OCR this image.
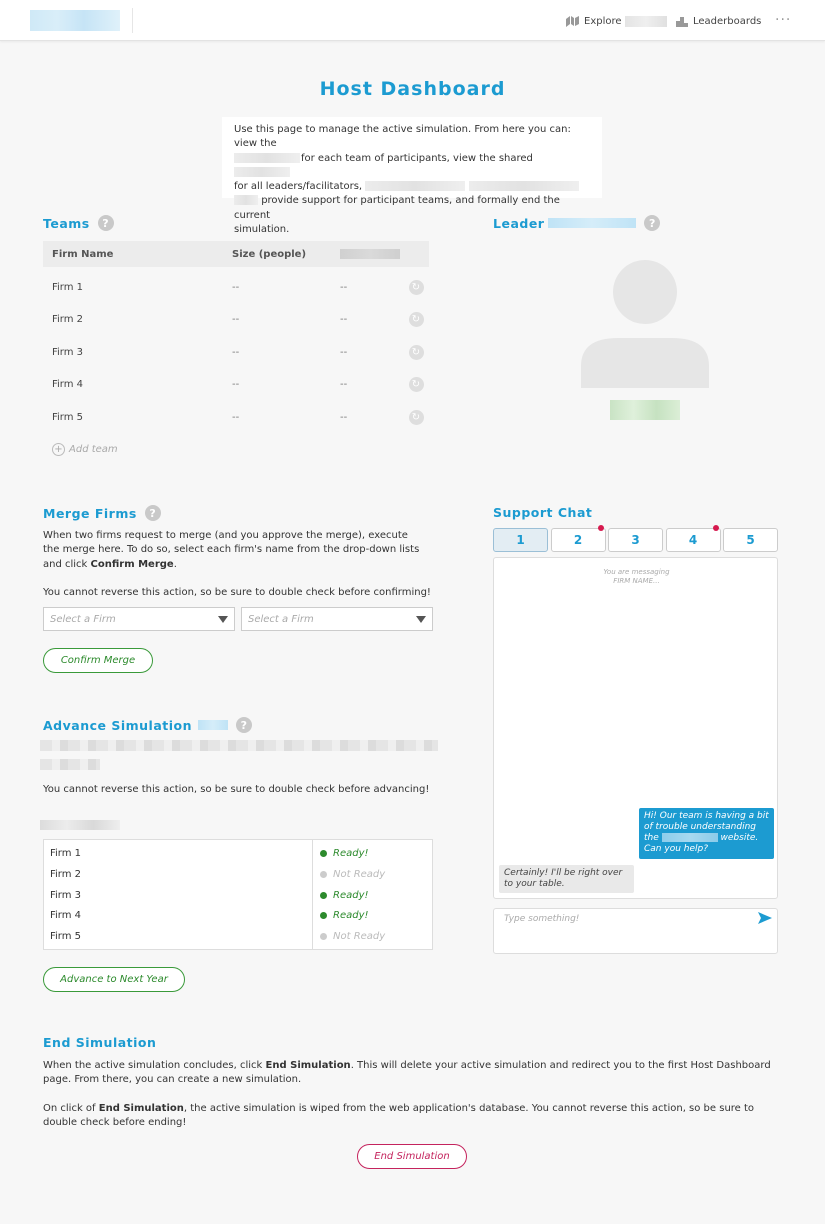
Explore	Leaderboards ···
Host Dashboard
Use this page to manage the active simulation. From here you can: view the
for each team of participants, view the shared
for all leaders/facilitators,
provide support for participant teams, and formally end the current
simulation.
Teams	?
Firm Name	Size (people)
Firm 1	--	--	↻
Firm 2	--	--	↻
Firm 3	--	--	↻
Firm 4	--	--	↻
Firm 5	--	--	↻
+ Add team
Leader	?
Merge Firms	?
When two firms request to merge (and you approve the merge), execute the merge here. To do so, select each firm's name from the drop-down lists and click Confirm Merge.
You cannot reverse this action, so be sure to double check before confirming!
Select a Firm	Select a Firm
Confirm Merge
Advance Simulation	?
You cannot reverse this action, so be sure to double check before advancing!
Firm 1	Ready!
Firm 2	Not Ready
Firm 3	Ready!
Firm 4	Ready!
Firm 5	Not Ready
Advance to Next Year
Support Chat
1	2	3	4	5
You are messaging
FIRM NAME...
Hi! Our team is having a bit of trouble understanding the	website. Can you help?
Certainly! I'll be right over to your table.
Type something!
End Simulation
When the active simulation concludes, click End Simulation. This will delete your active simulation and redirect you to the first Host Dashboard page. From there, you can create a new simulation.
On click of End Simulation, the active simulation is wiped from the web application's database. You cannot reverse this action, so be sure to double check before ending!
End Simulation
